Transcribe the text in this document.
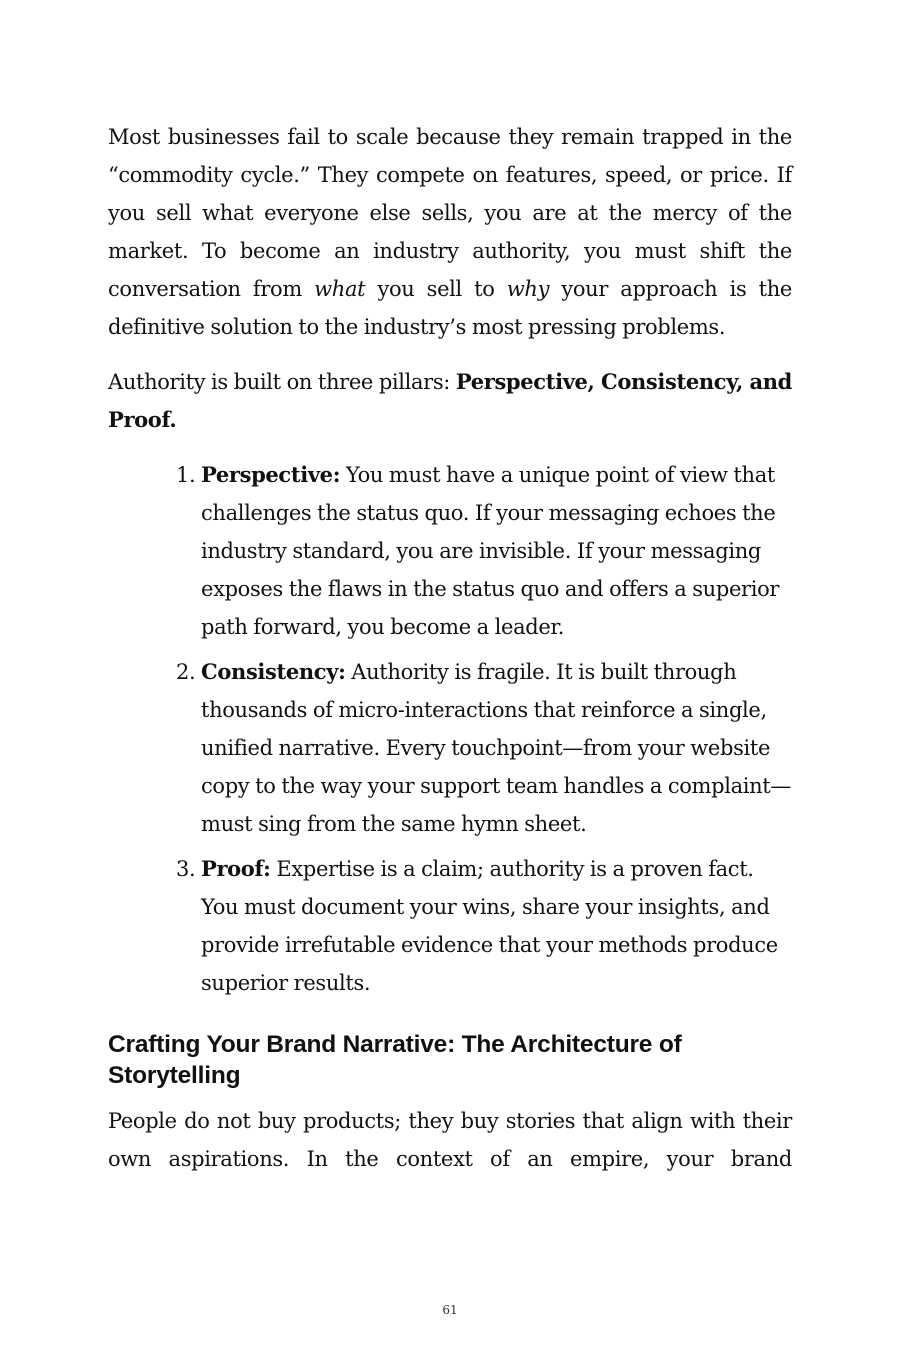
Most businesses fail to scale because they remain trapped in the “commodity cycle.” They compete on features, speed, or price. If you sell what everyone else sells, you are at the mercy of the market. To become an industry authority, you must shift the conversation from what you sell to why your approach is the definitive solution to the industry’s most pressing problems.

Authority is built on three pillars: Perspective, Consistency, and Proof.

1. Perspective: You must have a unique point of view that challenges the status quo. If your messaging echoes the industry standard, you are invisible. If your messaging exposes the flaws in the status quo and offers a superior path forward, you become a leader.
2. Consistency: Authority is fragile. It is built through thousands of micro-interactions that reinforce a single, unified narrative. Every touchpoint—from your website copy to the way your support team handles a complaint—must sing from the same hymn sheet.
3. Proof: Expertise is a claim; authority is a proven fact. You must document your wins, share your insights, and provide irrefutable evidence that your methods produce superior results.
Crafting Your Brand Narrative: The Architecture of Storytelling

People do not buy products; they buy stories that align with their own aspirations. In the context of an empire, your brand

61
